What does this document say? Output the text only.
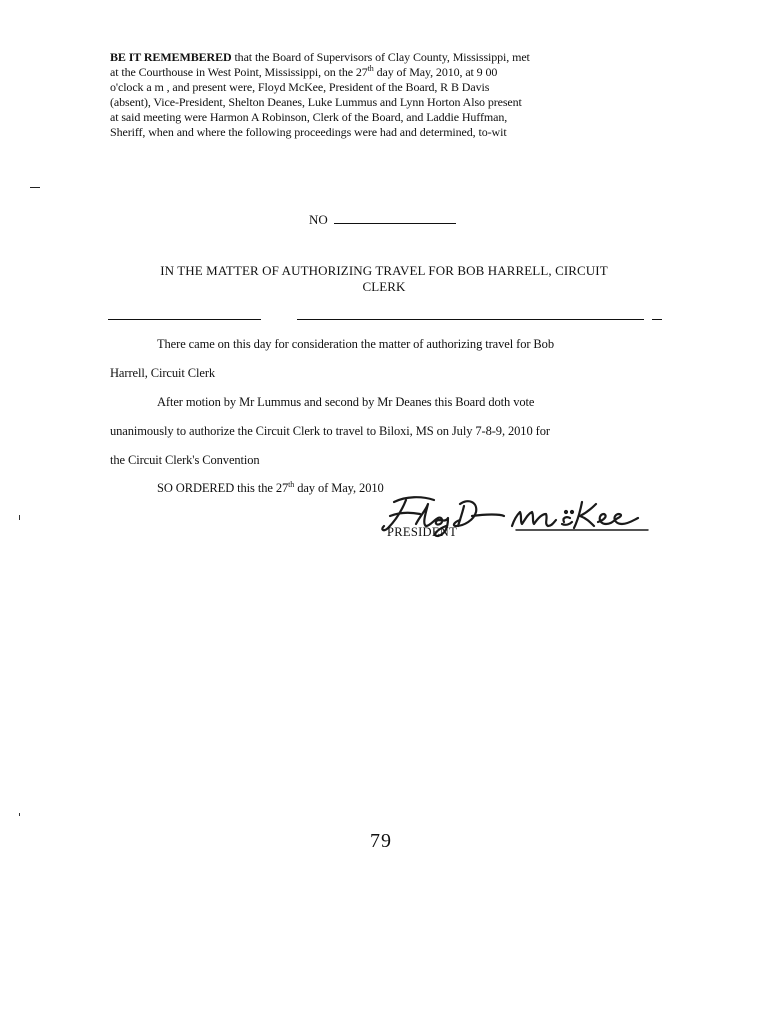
BE IT REMEMBERED that the Board of Supervisors of Clay County, Mississippi, met
at the Courthouse in West Point, Mississippi, on the 27th day of May, 2010, at 9 00
o'clock a m , and present were, Floyd McKee, President of the Board, R B Davis
(absent), Vice-President, Shelton Deanes, Luke Lummus and Lynn Horton Also present
at said meeting were Harmon A Robinson, Clerk of the Board, and Laddie Huffman,
Sheriff, when and where the following proceedings were had and determined, to-wit
NO
IN THE MATTER OF AUTHORIZING TRAVEL FOR BOB HARRELL, CIRCUIT
CLERK
There came on this day for consideration the matter of authorizing travel for Bob
Harrell, Circuit Clerk
After motion by Mr Lummus and second by Mr Deanes this Board doth vote
unanimously to authorize the Circuit Clerk to travel to Biloxi, MS on July 7-8-9, 2010 for
the Circuit Clerk's Convention
SO ORDERED this the 27th day of May, 2010
PRESIDENT
79
